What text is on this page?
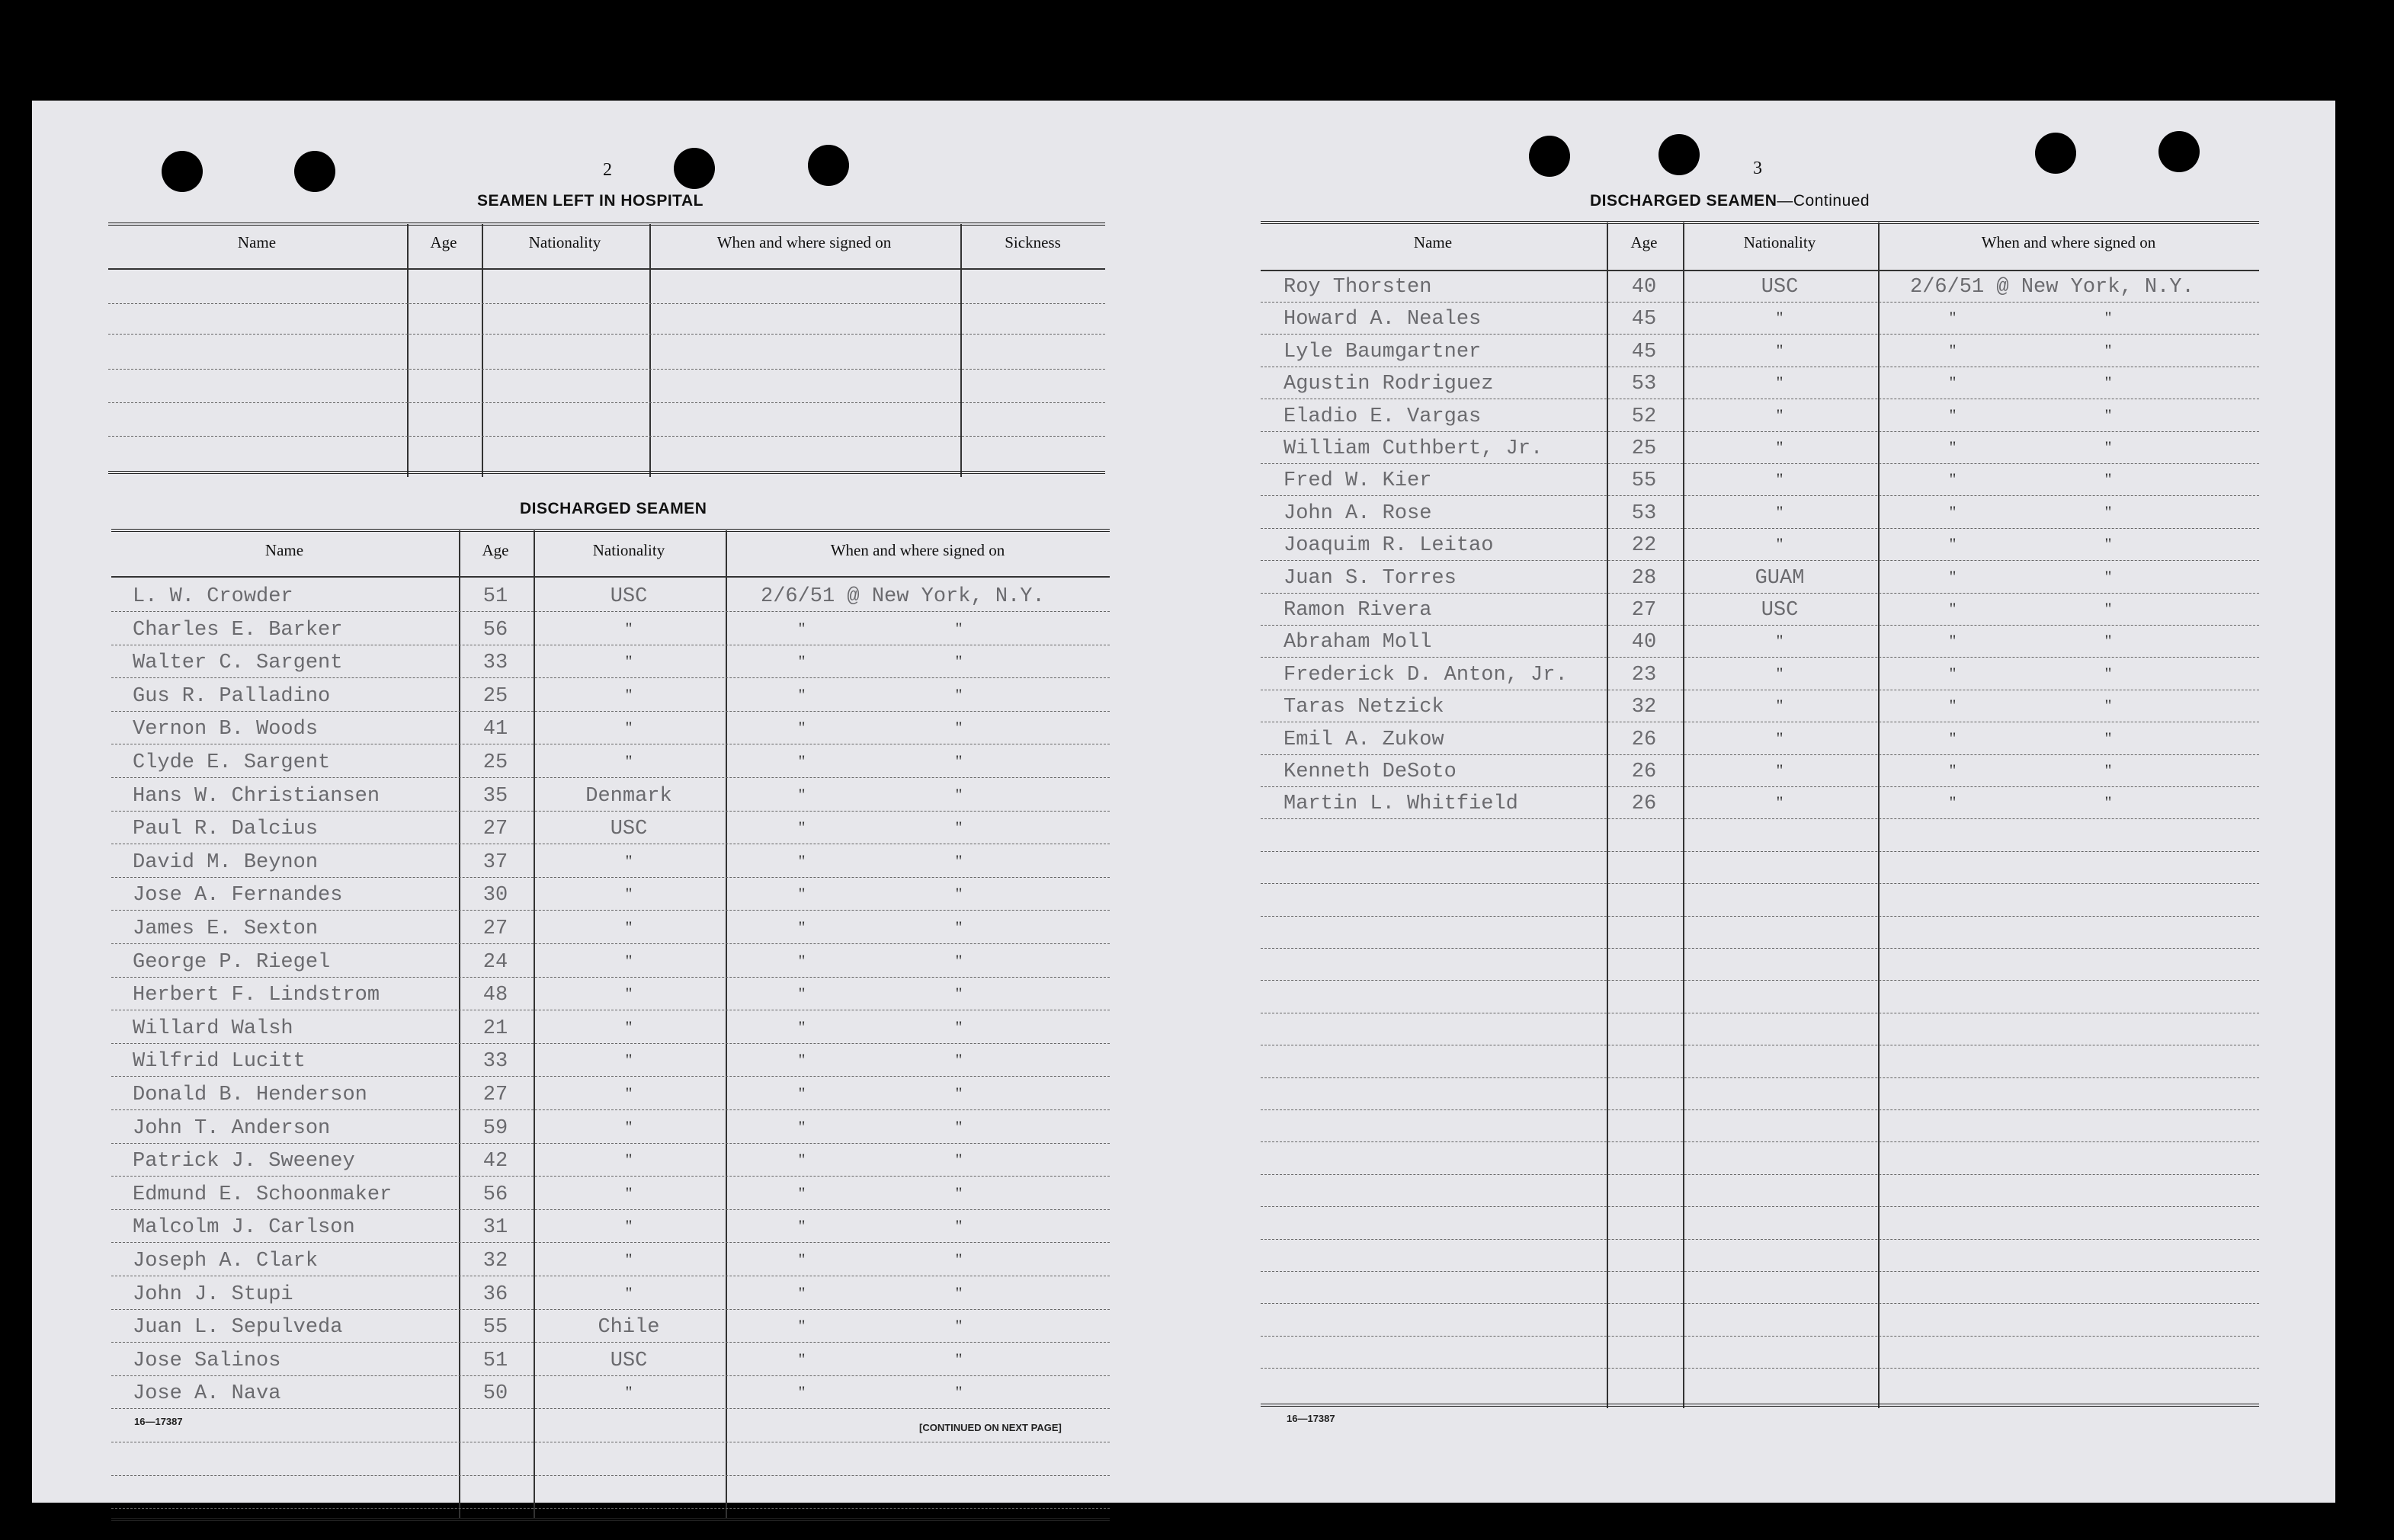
2
SEAMEN LEFT IN HOSPITAL
Name	Age	Nationality	When and where signed on	Sickness
DISCHARGED SEAMEN
Name	Age	Nationality	When and where signed on
L. W. Crowder	51	USC	2/6/51 @ New York, N.Y.
Charles E. Barker	56	"	"	"
Walter C. Sargent	33	"	"	"
Gus R. Palladino	25	"	"	"
Vernon B. Woods	41	"	"	"
Clyde E. Sargent	25	"	"	"
Hans W. Christiansen	35	Denmark	"	"
Paul R. Dalcius	27	USC	"	"
David M. Beynon	37	"	"	"
Jose A. Fernandes	30	"	"	"
James E. Sexton	27	"	"	"
George P. Riegel	24	"	"	"
Herbert F. Lindstrom	48	"	"	"
Willard Walsh	21	"	"	"
Wilfrid Lucitt	33	"	"	"
Donald B. Henderson	27	"	"	"
John T. Anderson	59	"	"	"
Patrick J. Sweeney	42	"	"	"
Edmund E. Schoonmaker	56	"	"	"
Malcolm J. Carlson	31	"	"	"
Joseph A. Clark	32	"	"	"
John J. Stupi	36	"	"	"
Juan L. Sepulveda	55	Chile	"	"
Jose Salinos	51	USC	"	"
Jose A. Nava	50	"	"	"
16—17387
[CONTINUED ON NEXT PAGE]
3
DISCHARGED SEAMEN—Continued
Name	Age	Nationality	When and where signed on
Roy Thorsten	40	USC	2/6/51 @ New York, N.Y.
Howard A. Neales	45	"	"	"
Lyle Baumgartner	45	"	"	"
Agustin Rodriguez	53	"	"	"
Eladio E. Vargas	52	"	"	"
William Cuthbert, Jr.	25	"	"	"
Fred W. Kier	55	"	"	"
John A. Rose	53	"	"	"
Joaquim R. Leitao	22	"	"	"
Juan S. Torres	28	GUAM	"	"
Ramon Rivera	27	USC	"	"
Abraham Moll	40	"	"	"
Frederick D. Anton, Jr.	23	"	"	"
Taras Netzick	32	"	"	"
Emil A. Zukow	26	"	"	"
Kenneth DeSoto	26	"	"	"
Martin L. Whitfield	26	"	"	"
16—17387
